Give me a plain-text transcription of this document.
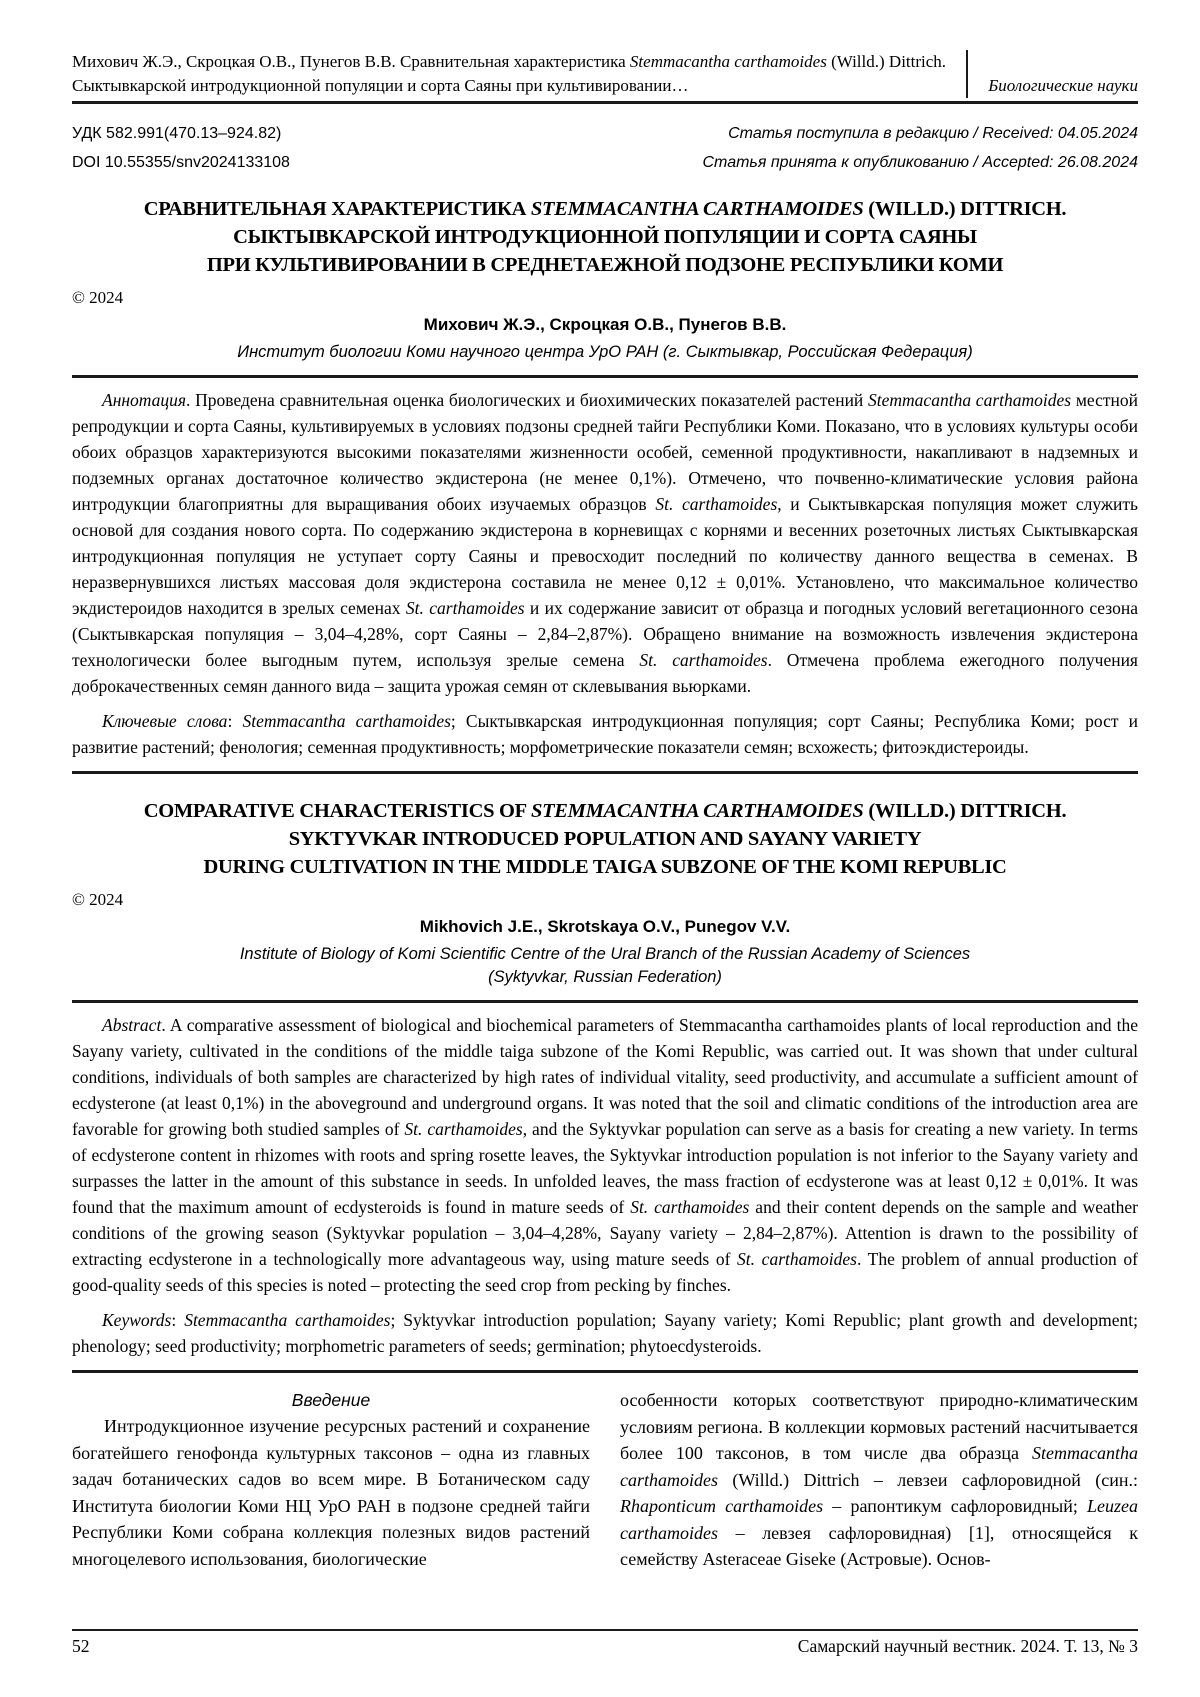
Михович Ж.Э., Скроцкая О.В., Пунегов В.В. Сравнительная характеристика Stemmacantha carthamoides (Willd.) Dittrich. Сыктывкарской интродукционной популяции и сорта Саяны при культивировании…	Биологические науки
УДК 582.991(470.13–924.82)	Статья поступила в редакцию / Received: 04.05.2024
DOI 10.55355/snv2024133108	Статья принята к опубликованию / Accepted: 26.08.2024
СРАВНИТЕЛЬНАЯ ХАРАКТЕРИСТИКА STEMMACANTHA CARTHAMOIDES (WILLD.) DITTRICH.
СЫКТЫВКАРСКОЙ ИНТРОДУКЦИОННОЙ ПОПУЛЯЦИИ И СОРТА САЯНЫ
ПРИ КУЛЬТИВИРОВАНИИ В СРЕДНЕТАЕЖНОЙ ПОДЗОНЕ РЕСПУБЛИКИ КОМИ
© 2024
Михович Ж.Э., Скроцкая О.В., Пунегов В.В.
Институт биологии Коми научного центра УрО РАН (г. Сыктывкар, Российская Федерация)

Аннотация. Проведена сравнительная оценка биологических и биохимических показателей растений Stemmacantha carthamoides местной репродукции и сорта Саяны, культивируемых в условиях подзоны средней тайги Республики Коми. Показано, что в условиях культуры особи обоих образцов характеризуются высокими показателями жизненности особей, семенной продуктивности, накапливают в надземных и подземных органах достаточное количество экдистерона (не менее 0,1%). Отмечено, что почвенно-климатические условия района интродукции благоприятны для выращивания обоих изучаемых образцов St. carthamoides, и Сыктывкарская популяция может служить основой для создания нового сорта. По содержанию экдистерона в корневищах с корнями и весенних розеточных листьях Сыктывкарская интродукционная популяция не уступает сорту Саяны и превосходит последний по количеству данного вещества в семенах. В неразвернувшихся листьях массовая доля экдистерона составила не менее 0,12 ± 0,01%. Установлено, что максимальное количество экдистероидов находится в зрелых семенах St. carthamoides и их содержание зависит от образца и погодных условий вегетационного сезона (Сыктывкарская популяция – 3,04–4,28%, сорт Саяны – 2,84–2,87%). Обращено внимание на возможность извлечения экдистерона технологически более выгодным путем, используя зрелые семена St. carthamoides. Отмечена проблема ежегодного получения доброкачественных семян данного вида – защита урожая семян от склевывания вьюрками.

Ключевые слова: Stemmacantha carthamoides; Сыктывкарская интродукционная популяция; сорт Саяны; Республика Коми; рост и развитие растений; фенология; семенная продуктивность; морфометрические показатели семян; всхожесть; фитоэкдистероиды.

COMPARATIVE CHARACTERISTICS OF STEMMACANTHA CARTHAMOIDES (WILLD.) DITTRICH.
SYKTYVKAR INTRODUCED POPULATION AND SAYANY VARIETY
DURING CULTIVATION IN THE MIDDLE TAIGA SUBZONE OF THE KOMI REPUBLIC
© 2024
Mikhovich J.E., Skrotskaya O.V., Punegov V.V.
Institute of Biology of Komi Scientific Centre of the Ural Branch of the Russian Academy of Sciences
(Syktyvkar, Russian Federation)

Abstract. A comparative assessment of biological and biochemical parameters of Stemmacantha carthamoides plants of local reproduction and the Sayany variety, cultivated in the conditions of the middle taiga subzone of the Komi Republic, was carried out. It was shown that under cultural conditions, individuals of both samples are characterized by high rates of individual vitality, seed productivity, and accumulate a sufficient amount of ecdysterone (at least 0,1%) in the aboveground and underground organs. It was noted that the soil and climatic conditions of the introduction area are favorable for growing both studied samples of St. carthamoides, and the Syktyvkar population can serve as a basis for creating a new variety. In terms of ecdysterone content in rhizomes with roots and spring rosette leaves, the Syktyvkar introduction population is not inferior to the Sayany variety and surpasses the latter in the amount of this substance in seeds. In unfolded leaves, the mass fraction of ecdysterone was at least 0,12 ± 0,01%. It was found that the maximum amount of ecdysteroids is found in mature seeds of St. carthamoides and their content depends on the sample and weather conditions of the growing season (Syktyvkar population – 3,04–4,28%, Sayany variety – 2,84–2,87%). Attention is drawn to the possibility of extracting ecdysterone in a technologically more advantageous way, using mature seeds of St. carthamoides. The problem of annual production of good-quality seeds of this species is noted – protecting the seed crop from pecking by finches.

Keywords: Stemmacantha carthamoides; Syktyvkar introduction population; Sayany variety; Komi Republic; plant growth and development; phenology; seed productivity; morphometric parameters of seeds; germination; phytoecdysteroids.

Введение

Интродукционное изучение ресурсных растений и сохранение богатейшего генофонда культурных таксонов – одна из главных задач ботанических садов во всем мире. В Ботаническом саду Института биологии Коми НЦ УрО РАН в подзоне средней тайги Республики Коми собрана коллекция полезных видов растений многоцелевого использования, биологические

особенности которых соответствуют природно-климатическим условиям региона. В коллекции кормовых растений насчитывается более 100 таксонов, в том числе два образца Stemmacantha carthamoides (Willd.) Dittrich – левзеи сафлоровидной (син.: Rhaponticum carthamoides – рапонтикум сафлоровидный; Leuzea carthamoides – левзея сафлоровидная) [1], относящейся к семейству Asteraceae Giseke (Астровые). Основ-

52	Самарский научный вестник. 2024. Т. 13, № 3
